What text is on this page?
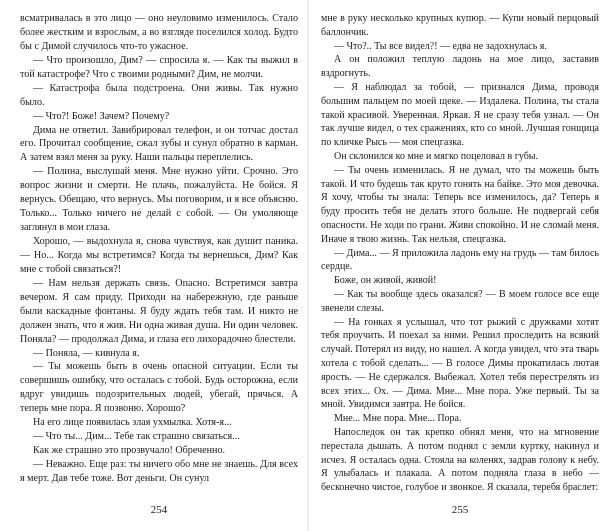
всматривалась в это лицо — оно неуловимо изменилось. Стало более жестким и взрослым, а во взгляде поселился холод. Будто бы с Димой случилось что-то ужасное.

— Что произошло, Дим? — спросила я. — Как ты выжил в той катастрофе? Что с твоими родными? Дим, не молчи.

— Катастрофа была подстроена. Они живы. Так нужно было.

— Что?! Боже! Зачем? Почему?

Дима не ответил. Завибрировал телефон, и он тотчас достал его. Прочитал сообщение, сжал зубы и сунул обратно в карман. А затем взял меня за руку. Наши пальцы переплелись.

— Полина, выслушай меня. Мне нужно уйти. Срочно. Это вопрос жизни и смерти. Не плачь, пожалуйста. Не бойся. Я вернусь. Обещаю, что вернусь. Мы поговорим, и я все объясню. Только... Только ничего не делай с собой. — Он умоляюще заглянул в мои глаза.

Хорошо, — выдохнула я, снова чувствуя, как душит паника. — Но... Когда мы встретимся? Когда ты вернешься, Дим? Как мне с тобой связаться?!

— Нам нельзя держать связь. Опасно. Встретимся завтра вечером. Я сам приду. Приходи на набережную, где раньше были каскадные фонтаны. Я буду ждать тебя там. И никто не должен знать, что я жив. Ни одна живая душа. Ни один человек. Поняла? — продолжал Дима, и глаза его лихорадочно блестели.

— Поняла, — кивнула я.

— Ты можешь быть в очень опасной ситуации. Если ты совершишь ошибку, что осталась с тобой. Будь осторожна, если вдруг увидишь подозрительных людей, убегай, прячься. А теперь мне пора. Я позвоню. Хорошо?

На его лице появилась злая ухмылка. Хотя-я...

— Что ты... Дим... Тебе так страшно связаться...

Как же страшно это прозвучало! Обреченно.

— Неважно. Еще раз: ты ничего обо мне не знаешь. Для всех я мерт. Дав тебе тоже. Вот деньги. Он сунул

254

мне в руку несколько крупных купюр. — Купи новый перцовый баллончик.

— Что?.. Ты все видел?! — едва не задохнулась я.

А он положил теплую ладонь на мое лицо, заставив вздрогнуть.

— Я наблюдал за тобой, — признался Дима, проводя большим пальцем по моей щеке. — Издалека. Полина, ты стала такой красивой. Уверенная. Яркая. Я не сразу тебя узнал. — Он так лучше видел, о тех сражениях, кто со мной. Лучшая гонщица по кличке Рысь — моя спецгазка.

Он склонился ко мне и мягко поцеловал в губы.

— Ты очень изменилась. Я не думал, что ты можешь быть такой. И что будешь так круто гонять на байке. Это моя девочка. Я хочу, чтобы ты знала: Теперь все изменилось, да? Теперь я буду просить тебя не делать этого больше. Не подвергай себя опасности. Не ходи по грани. Живи спокойно. И не сломай меня. Иначе я твою жизнь. Так нельзя, спецгазка.

— Дима... — Я приложила ладонь ему на грудь — там билось сердце.

Боже, он живой, живой!

— Как ты вообще здесь оказался? — В моем голосе все еще звенели слезы.

— На гонках я услышал, что тот рыжий с дружками хотят тебя проучить. И поехал за ними. Решил проследить на всякий случай. Потерял из виду, но нашел. А когда увидел, что эта тварь хотела с тобой сделать... — В голосе Димы прокатилась лютая ярость. — Не сдержался. Выбежал. Хотел тебя перестрелять из всех этих... Ох. — Дима. Мне... Мне пора. Уже первый. Ты за мной. Увидимся завтра. Не бойся.

Мне... Мне пора. Мне... Пора.

Напоследок он так крепко обнял меня, что на мгновение перестала дышать. А потом поднял с земли куртку, накинул и исчез. Я осталась одна. Стояла на коленях, задрав голову к небу. Я улыбалась и плакала. А потом подняла глаза в небо — бесконечно чистое, голубое и звонкое. Я сказала, теребя браслет:

255
